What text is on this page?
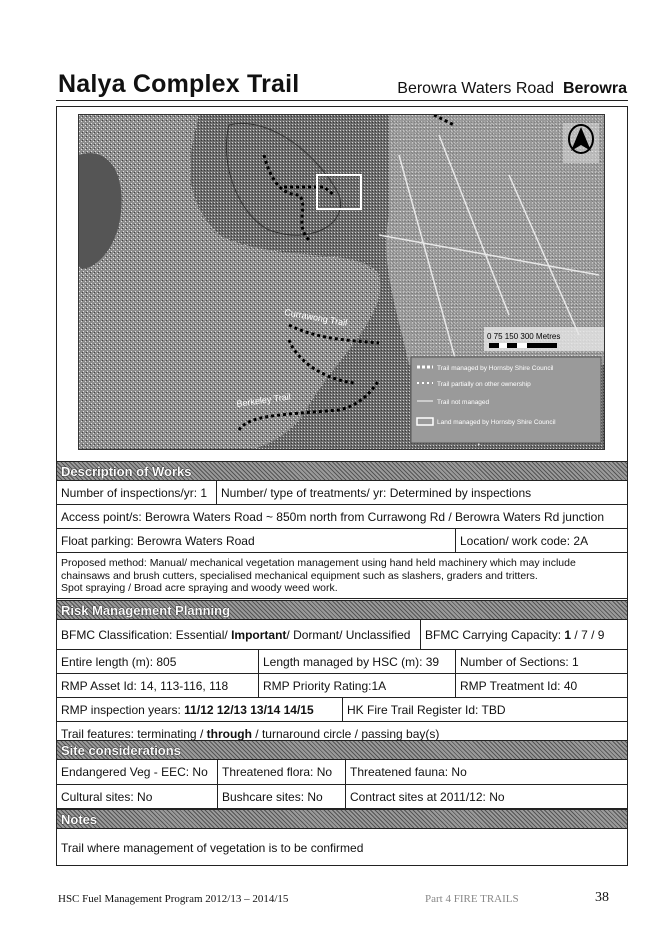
Nalya Complex Trail	Berowra Waters Road Berowra
Currawong Trail
Berkeley Trail
0 75 150 300 Metres
Trail managed by Hornsby Shire Council
Trail partially on other ownership
Trail not managed
Land managed by Hornsby Shire Council
Description of Works
Number of inspections/yr: 1	Number/ type of treatments/ yr: Determined by inspections
Access point/s: Berowra Waters Road ~ 850m north from Currawong Rd / Berowra Waters Rd junction
Float parking: Berowra Waters Road	Location/ work code: 2A
Proposed method: Manual/ mechanical vegetation management using hand held machinery which may include
chainsaws and brush cutters, specialised mechanical equipment such as slashers, graders and tritters.
Spot spraying / Broad acre spraying and woody weed work.
Risk Management Planning
BFMC Classification: Essential/ Important / Dormant/ Unclassified BFMC Carrying Capacity: 1 / 7 / 9
Entire length (m): 805	Length managed by HSC (m): 39	Number of Sections: 1
RMP Asset Id: 14, 113-116, 118	RMP Priority Rating:1A	RMP Treatment Id: 40
RMP inspection years: 11/12 12/13 13/14 14/15	HK Fire Trail Register Id: TBD
Trail features: terminating / through / turnaround circle / passing bay(s)
Site considerations
Endangered Veg - EEC: No	Threatened flora: No	Threatened fauna: No
Cultural sites: No	Bushcare sites: No	Contract sites at 2011/12: No
Notes
Trail where management of vegetation is to be confirmed
HSC Fuel Management Program 2012/13 – 2014/15	Part 4 FIRE TRAILS	38
